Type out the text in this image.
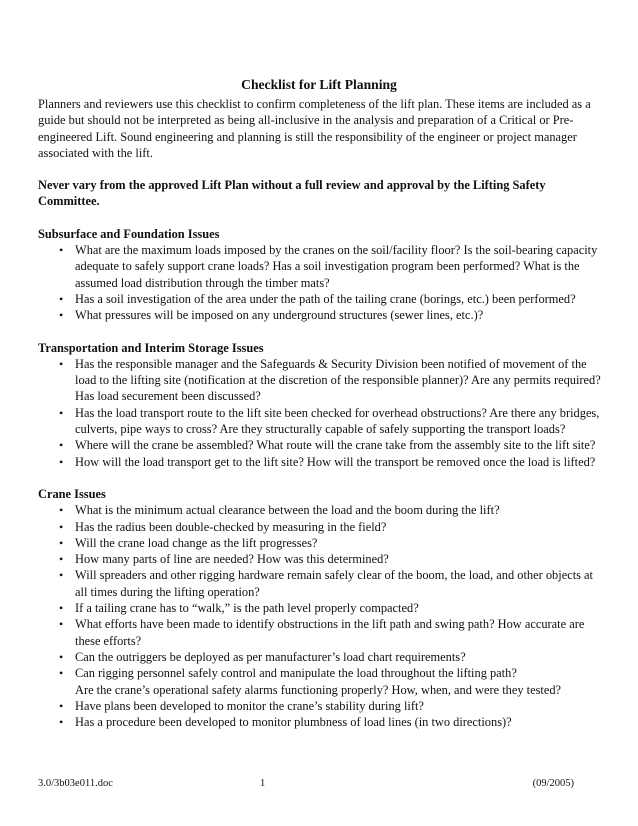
Checklist for Lift Planning

Planners and reviewers use this checklist to confirm completeness of the lift plan. These items are included as a guide but should not be interpreted as being all-inclusive in the analysis and preparation of a Critical or Pre-engineered Lift. Sound engineering and planning is still the responsibility of the engineer or project manager associated with the lift.

Never vary from the approved Lift Plan without a full review and approval by the Lifting Safety Committee.

Subsurface and Foundation Issues

• What are the maximum loads imposed by the cranes on the soil/facility floor? Is the soil-bearing capacity adequate to safely support crane loads? Has a soil investigation program been performed? What is the assumed load distribution through the timber mats?
• Has a soil investigation of the area under the path of the tailing crane (borings, etc.) been performed?
• What pressures will be imposed on any underground structures (sewer lines, etc.)?

Transportation and Interim Storage Issues

• Has the responsible manager and the Safeguards & Security Division been notified of movement of the load to the lifting site (notification at the discretion of the responsible planner)? Are any permits required? Has load securement been discussed?
• Has the load transport route to the lift site been checked for overhead obstructions? Are there any bridges, culverts, pipe ways to cross? Are they structurally capable of safely supporting the transport loads?
• Where will the crane be assembled? What route will the crane take from the assembly site to the lift site?
• How will the load transport get to the lift site? How will the transport be removed once the load is lifted?

Crane Issues

• What is the minimum actual clearance between the load and the boom during the lift?
• Has the radius been double-checked by measuring in the field?
• Will the crane load change as the lift progresses?
• How many parts of line are needed? How was this determined?
• Will spreaders and other rigging hardware remain safely clear of the boom, the load, and other objects at all times during the lifting operation?
• If a tailing crane has to “walk,” is the path level properly compacted?
• What efforts have been made to identify obstructions in the lift path and swing path? How accurate are these efforts?
• Can the outriggers be deployed as per manufacturer’s load chart requirements?
• Can rigging personnel safely control and manipulate the load throughout the lifting path?
Are the crane’s operational safety alarms functioning properly? How, when, and were they tested?
• Have plans been developed to monitor the crane’s stability during lift?
• Has a procedure been developed to monitor plumbness of load lines (in two directions)?
3.0/3b03e011.doc	1	(09/2005)
